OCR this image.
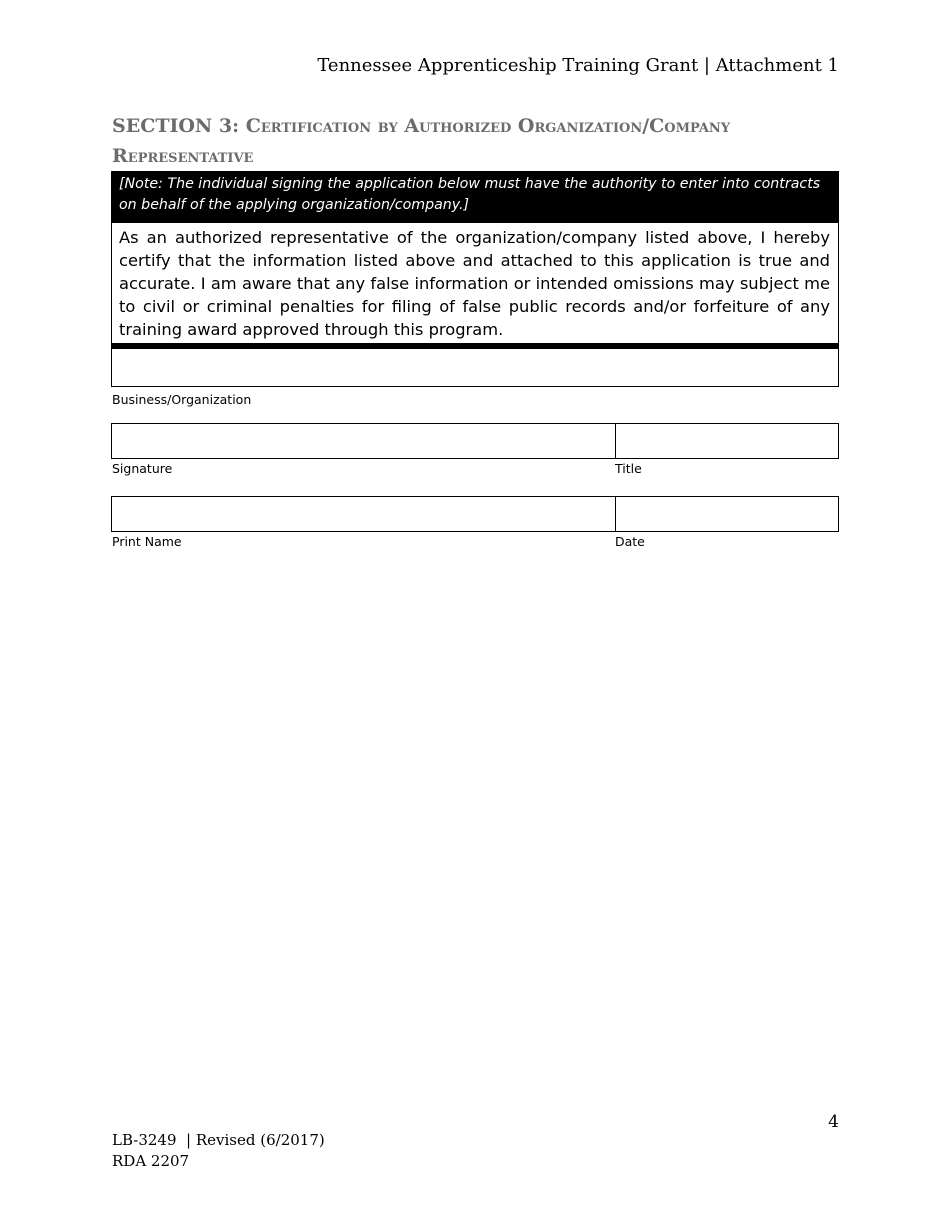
Tennessee Apprenticeship Training Grant | Attachment 1
SECTION 3: Certification by Authorized Organization/Company Representative
[Note: The individual signing the application below must have the authority to enter into contracts on behalf of the applying organization/company.]
As an authorized representative of the organization/company listed above, I hereby certify that the information listed above and attached to this application is true and accurate. I am aware that any false information or intended omissions may subject me to civil or criminal penalties for filing of false public records and/or forfeiture of any training award approved through this program.
Business/Organization
Signature	Title
Print Name	Date
4
LB-3249  | Revised (6/2017)
RDA 2207
